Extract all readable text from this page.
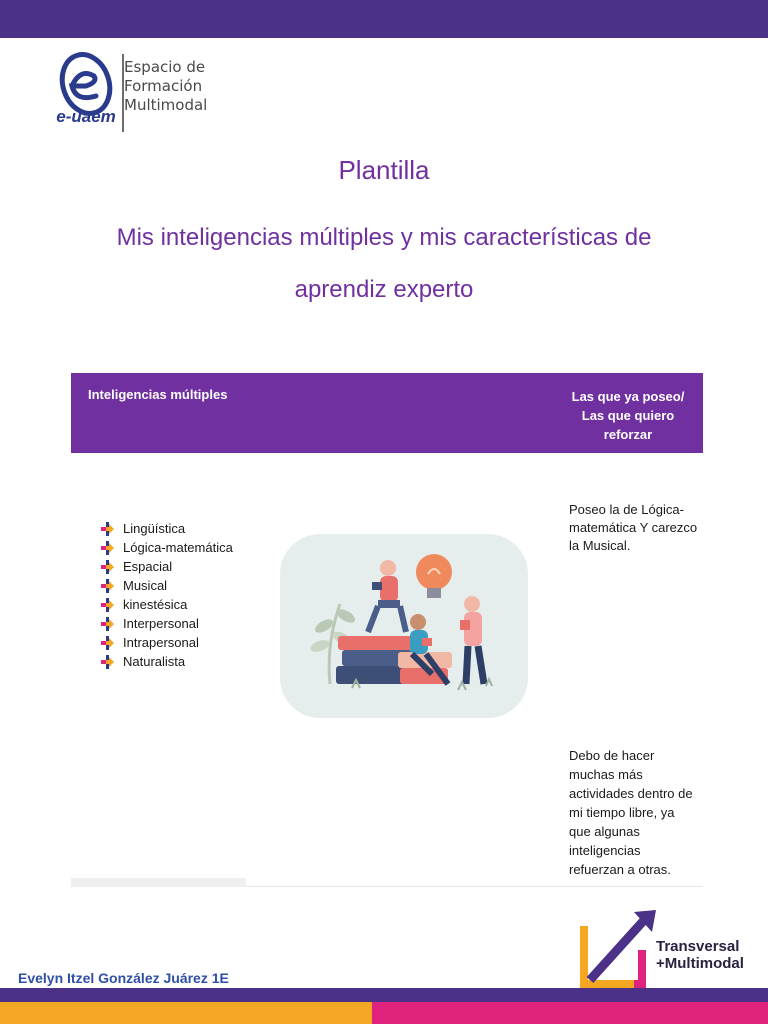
e-uaem
Espacio de
Formación
Multimodal
Plantilla
Mis inteligencias múltiples y mis características de aprendiz experto
Inteligencias múltiples	Las que ya poseo/ Las que quiero reforzar
Lingüística
Lógica-matemática
Espacial
Musical
kinestésica
Interpersonal
Intrapersonal
Naturalista
Poseo la de Lógica-matemática Y carezco la Musical.
Debo de hacer muchas más actividades dentro de mi tiempo libre, ya que algunas inteligencias refuerzan a otras.
Transversal
+Multimodal
Evelyn Itzel González Juárez 1E
